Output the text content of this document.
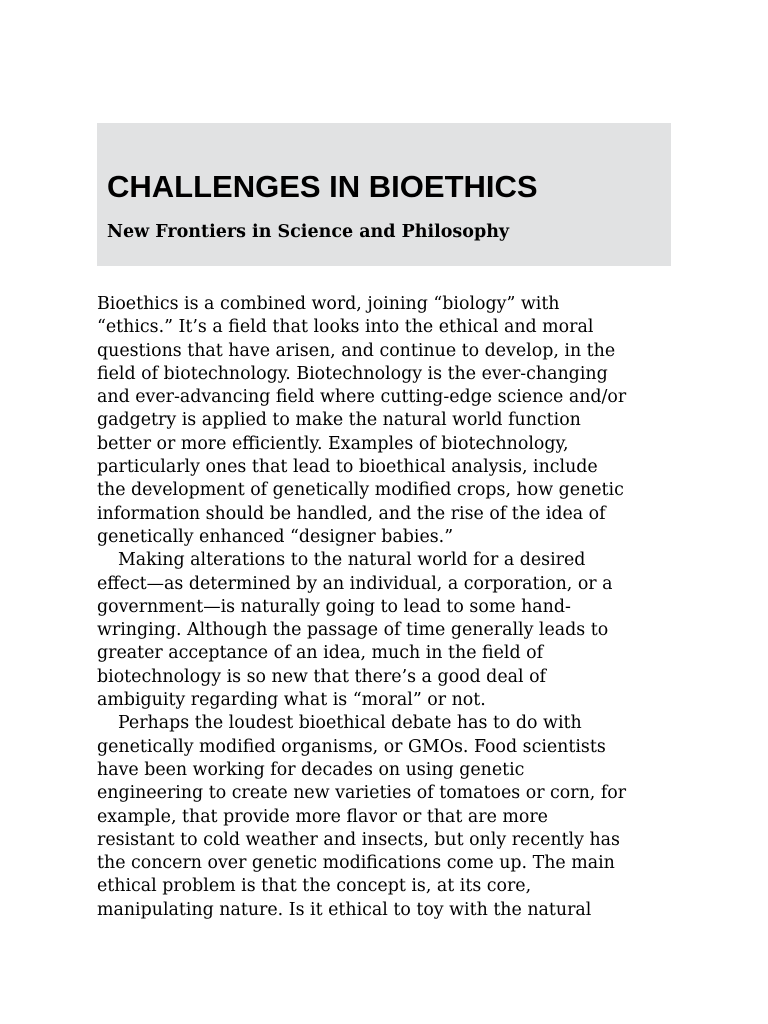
CHALLENGES IN BIOETHICS
New Frontiers in Science and Philosophy
Bioethics is a combined word, joining “biology” with
“ethics.” It’s a field that looks into the ethical and moral
questions that have arisen, and continue to develop, in the
field of biotechnology. Biotechnology is the ever-changing
and ever-advancing field where cutting-edge science and/or
gadgetry is applied to make the natural world function
better or more efficiently. Examples of biotechnology,
particularly ones that lead to bioethical analysis, include
the development of genetically modified crops, how genetic
information should be handled, and the rise of the idea of
genetically enhanced “designer babies.”
Making alterations to the natural world for a desired
effect—as determined by an individual, a corporation, or a
government—is naturally going to lead to some hand-
wringing. Although the passage of time generally leads to
greater acceptance of an idea, much in the field of
biotechnology is so new that there’s a good deal of
ambiguity regarding what is “moral” or not.
Perhaps the loudest bioethical debate has to do with
genetically modified organisms, or GMOs. Food scientists
have been working for decades on using genetic
engineering to create new varieties of tomatoes or corn, for
example, that provide more flavor or that are more
resistant to cold weather and insects, but only recently has
the concern over genetic modifications come up. The main
ethical problem is that the concept is, at its core,
manipulating nature. Is it ethical to toy with the natural
